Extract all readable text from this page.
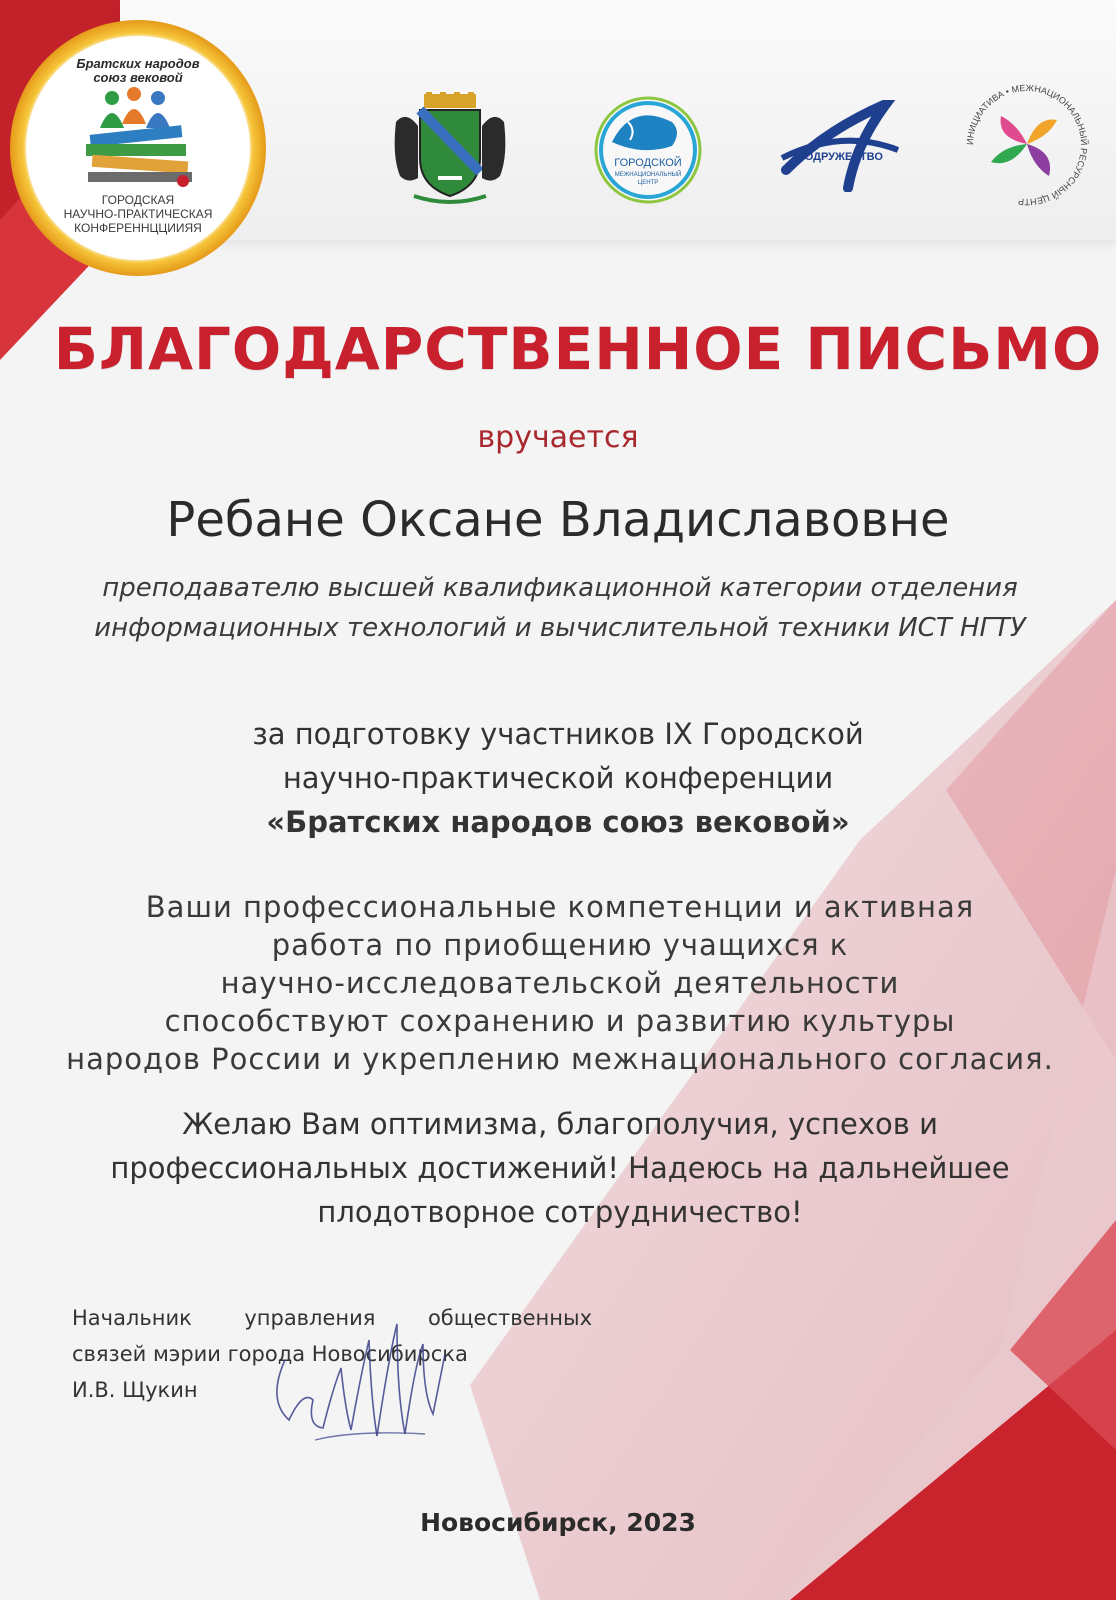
Братских народов
союз вековой
ГОРОДСКАЯ
НАУЧНО-ПРАКТИЧЕСКАЯ
КОНФЕРЕННЦЦИИЯЯ
ГОРОДСКОЙ
МЕЖНАЦИОНАЛЬНЫЙ
ЦЕНТР
СОДРУЖЕСТВО
ИНИЦИАТИВА • МЕЖНАЦИОНАЛЬНЫЙ РЕСУРСНЫЙ ЦЕНТР
БЛАГОДАРСТВЕННОЕ ПИСЬМО
вручается
Ребане Оксане Владиславовне
преподавателю высшей квалификационной категории отделения
информационных технологий и вычислительной техники ИСТ НГТУ
за подготовку участников IX Городской
научно-практической конференции
«Братских народов союз вековой»
Ваши профессиональные компетенции и активная
работа по приобщению учащихся к
научно-исследовательской деятельности
способствуют сохранению и развитию культуры
народов России и укреплению межнационального согласия.
Желаю Вам оптимизма, благополучия, успехов и
профессиональных достижений! Надеюсь на дальнейшее
плодотворное сотрудничество!
Начальник	управления	общественных
связей мэрии города Новосибирска
И.В. Щукин
Новосибирск, 2023
